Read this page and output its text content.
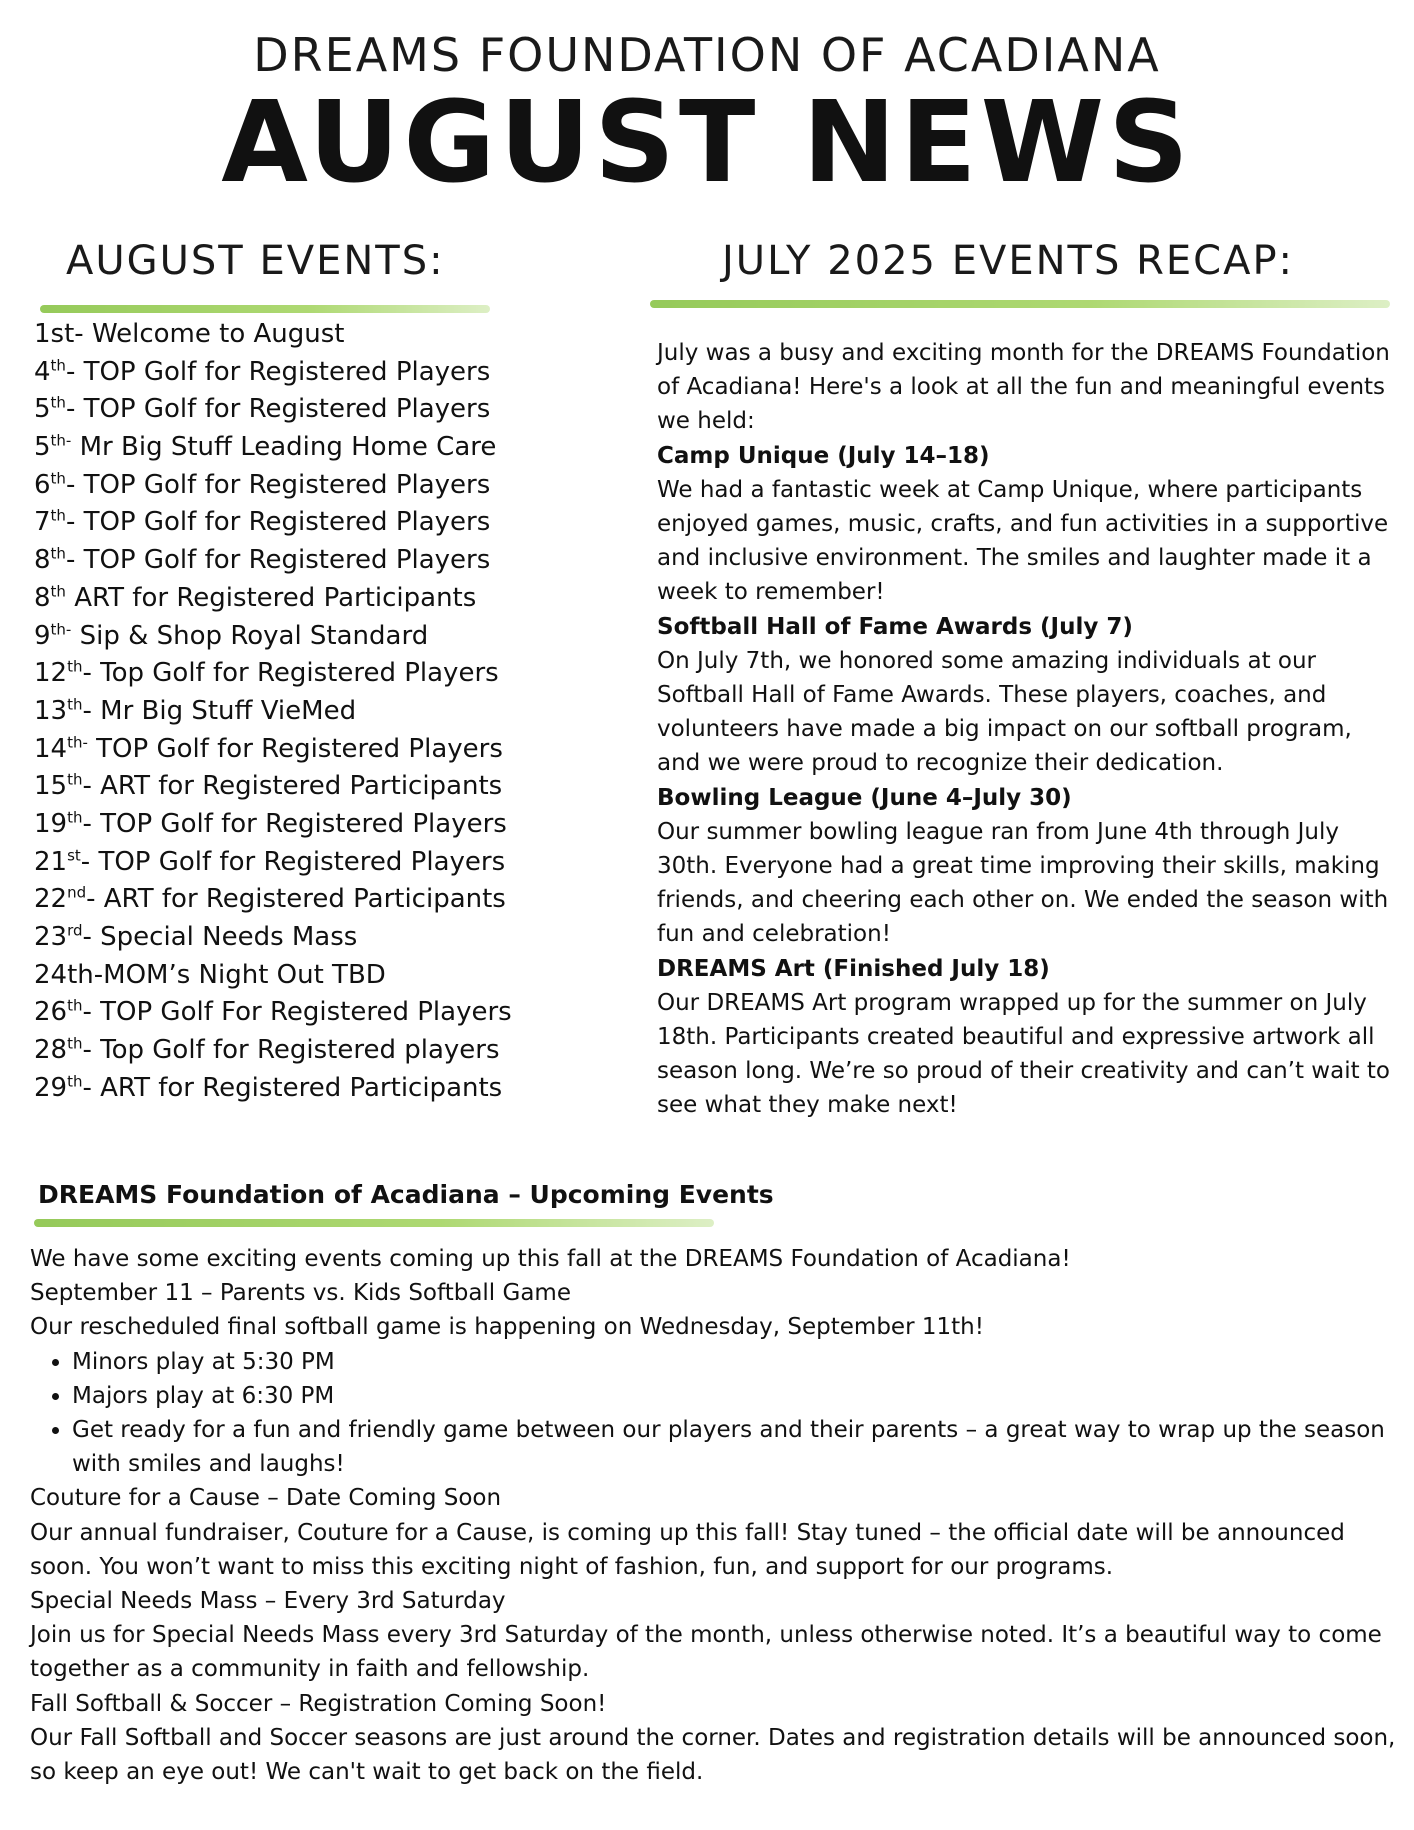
DREAMS FOUNDATION OF ACADIANA
AUGUST NEWS
AUGUST EVENTS:	JULY 2025 EVENTS RECAP:
1st- Welcome to August
4th- TOP Golf for Registered Players
5th- TOP Golf for Registered Players
$5^{th-}$ Mr Big Stuff Leading Home Care
6th- TOP Golf for Registered Players
7th- TOP Golf for Registered Players
8th- TOP Golf for Registered Players
8th ART for Registered Participants
$9^{th-}$ Sip & Shop Royal Standard
12th- Top Golf for Registered Players
13th- Mr Big Stuff VieMed
$14^{th-}$ TOP Golf for Registered Players
15th- ART for Registered Participants
19th- TOP Golf for Registered Players
21st- TOP Golf for Registered Players
22nd- ART for Registered Participants
23rd- Special Needs Mass
24th-MOM’s Night Out TBD
26th- TOP Golf For Registered Players
28th- Top Golf for Registered players
29th- ART for Registered Participants

July was a busy and exciting month for the DREAMS Foundation of Acadiana! Here's a look at all the fun and meaningful events we held:

Camp Unique (July 14–18)

We had a fantastic week at Camp Unique, where participants enjoyed games, music, crafts, and fun activities in a supportive and inclusive environment. The smiles and laughter made it a week to remember!

Softball Hall of Fame Awards (July 7)

On July 7th, we honored some amazing individuals at our Softball Hall of Fame Awards. These players, coaches, and volunteers have made a big impact on our softball program, and we were proud to recognize their dedication.

Bowling League (June 4–July 30)

Our summer bowling league ran from June 4th through July 30th. Everyone had a great time improving their skills, making friends, and cheering each other on. We ended the season with fun and celebration!

DREAMS Art (Finished July 18)

Our DREAMS Art program wrapped up for the summer on July 18th. Participants created beautiful and expressive artwork all season long. We’re so proud of their creativity and can’t wait to see what they make next!

DREAMS Foundation of Acadiana – Upcoming Events

We have some exciting events coming up this fall at the DREAMS Foundation of Acadiana!

September 11 – Parents vs. Kids Softball Game

Our rescheduled final softball game is happening on Wednesday, September 11th!

• Minors play at 5:30 PM
• Majors play at 6:30 PM
• Get ready for a fun and friendly game between our players and their parents – a great way to wrap up the season with smiles and laughs!

Couture for a Cause – Date Coming Soon

Our annual fundraiser, Couture for a Cause, is coming up this fall! Stay tuned – the official date will be announced soon. You won’t want to miss this exciting night of fashion, fun, and support for our programs.

Special Needs Mass – Every 3rd Saturday

Join us for Special Needs Mass every 3rd Saturday of the month, unless otherwise noted. It’s a beautiful way to come together as a community in faith and fellowship.

Fall Softball & Soccer – Registration Coming Soon!

Our Fall Softball and Soccer seasons are just around the corner. Dates and registration details will be announced soon, so keep an eye out! We can't wait to get back on the field.
